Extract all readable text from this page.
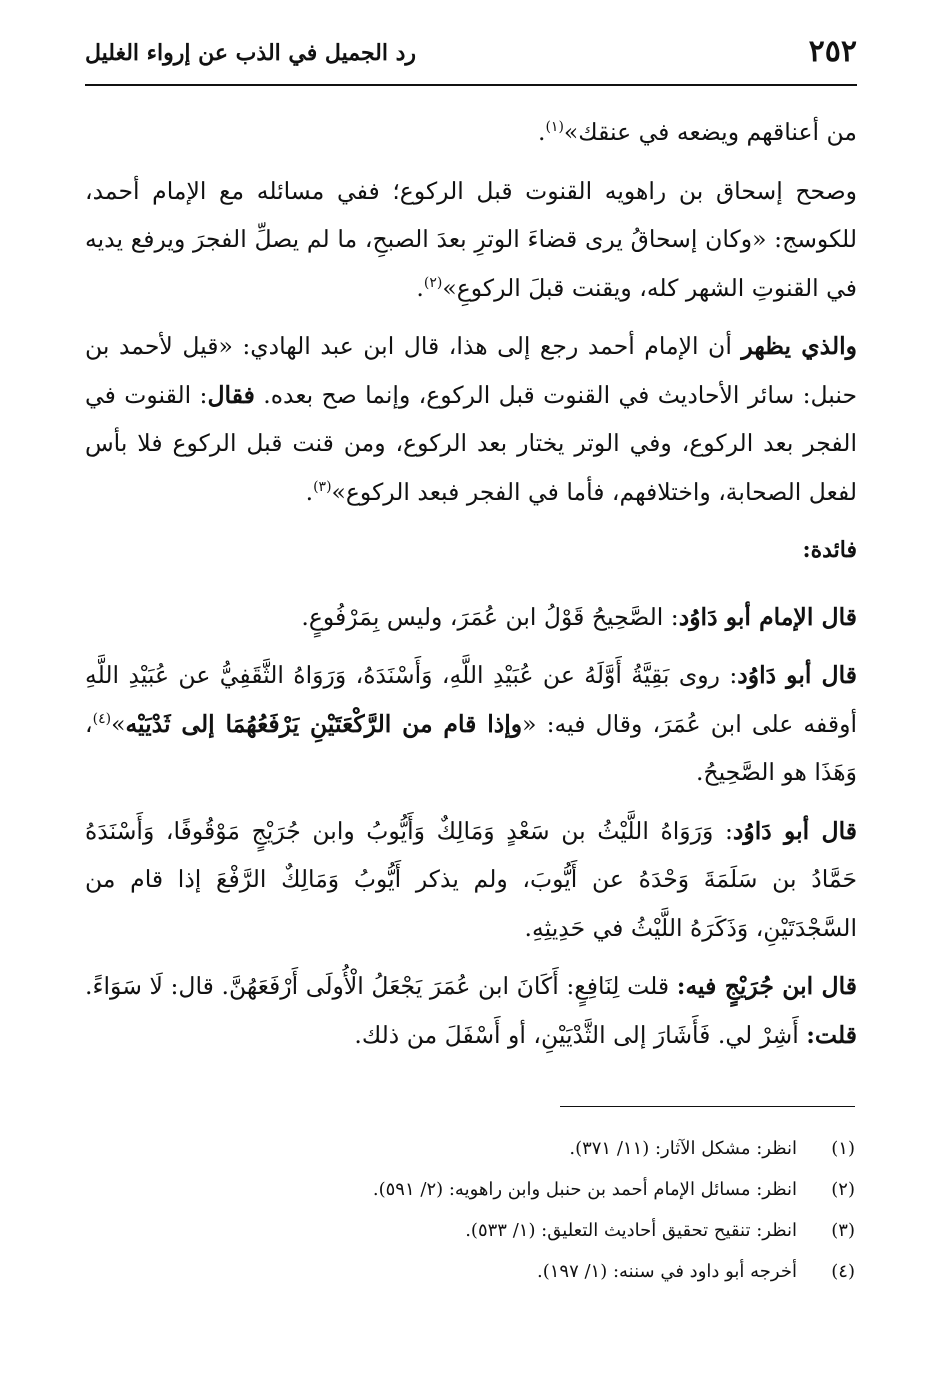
٢٥٢
رد الجميل في الذب عن إرواء الغليل

من أعناقهم ويضعه في عنقك»$^{(١)}$.

وصحح إسحاق بن راهويه القنوت قبل الركوع؛ ففي مسائله مع الإمام أحمد، للكوسج: «وكان إسحاقُ يرى قضاءَ الوترِ بعدَ الصبحِ، ما لم يصلِّ الفجرَ ويرفع يديه في القنوتِ الشهر كله، ويقنت قبلَ الركوعِ»$^{(٢)}$.

والذي يظهر أن الإمام أحمد رجع إلى هذا، قال ابن عبد الهادي: «قيل لأحمد بن حنبل: سائر الأحاديث في القنوت قبل الركوع، وإنما صح بعده. فقال: القنوت في الفجر بعد الركوع، وفي الوتر يختار بعد الركوع، ومن قنت قبل الركوع فلا بأس لفعل الصحابة، واختلافهم، فأما في الفجر فبعد الركوع»$^{(٣)}$.

فائدة:

قال الإمام أبو دَاوُد: الصَّحِيحُ قَوْلُ ابن عُمَرَ، وليس بِمَرْفُوعٍ.

قال أبو دَاوُد: روى بَقِيَّةُ أَوَّلَهُ عن عُبَيْدِ اللَّهِ، وَأَسْنَدَهُ، وَرَوَاهُ الثَّقَفِيُّ عن عُبَيْدِ اللَّهِ أوقفه على ابن عُمَرَ، وقال فيه: «وإذا قام من الرَّكْعَتَيْنِ يَرْفَعُهُمَا إلى ثَدْيَيْه»$^{(٤)}$، وَهَذَا هو الصَّحِيحُ.

قال أبو دَاوُد: وَرَوَاهُ اللَّيْثُ بن سَعْدٍ وَمَالِكٌ وَأَيُّوبُ وابن جُرَيْجٍ مَوْقُوفًا، وَأَسْنَدَهُ حَمَّادُ بن سَلَمَةَ وَحْدَهُ عن أَيُّوبَ، ولم يذكر أَيُّوبُ وَمَالِكٌ الرَّفْعَ إذا قام من السَّجْدَتَيْنِ، وَذَكَرَهُ اللَّيْثُ في حَدِيثِهِ.

قال ابن جُرَيْجٍ فيه: قلت لِنَافِعٍ: أَكَانَ ابن عُمَرَ يَجْعَلُ الْأُولَى أَرْفَعَهُنَّ. قال: لَا سَوَاءً. قلت: أَشِرْ لي. فَأَشَارَ إلى الثَّدْيَيْنِ، أو أَسْفَلَ من ذلك.

(١)
انظر: مشكل الآثار: (١١/ ٣٧١).
(٢)
انظر: مسائل الإمام أحمد بن حنبل وابن راهويه: (٢/ ٥٩١).
(٣)
انظر: تنقيح تحقيق أحاديث التعليق: (١/ ٥٣٣).
(٤)
أخرجه أبو داود في سننه: (١/ ١٩٧).
